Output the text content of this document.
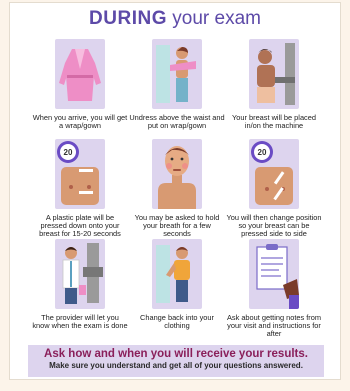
DURING your exam
When you arrive, you will get a wrap/gown
Undress above the waist and put on wrap/gown
Your breast will be placed in/on the machine
20
A plastic plate will be pressed down onto your breast for 15-20 seconds
You may be asked to hold your breath for a few seconds
20
You will then change position so your breast can be pressed side to side
The provider will let you know when the exam is done
Change back into your clothing
Ask about getting notes from your visit and instructions for after
Ask how and when you will receive your results.
Make sure you understand and get all of your questions answered.
